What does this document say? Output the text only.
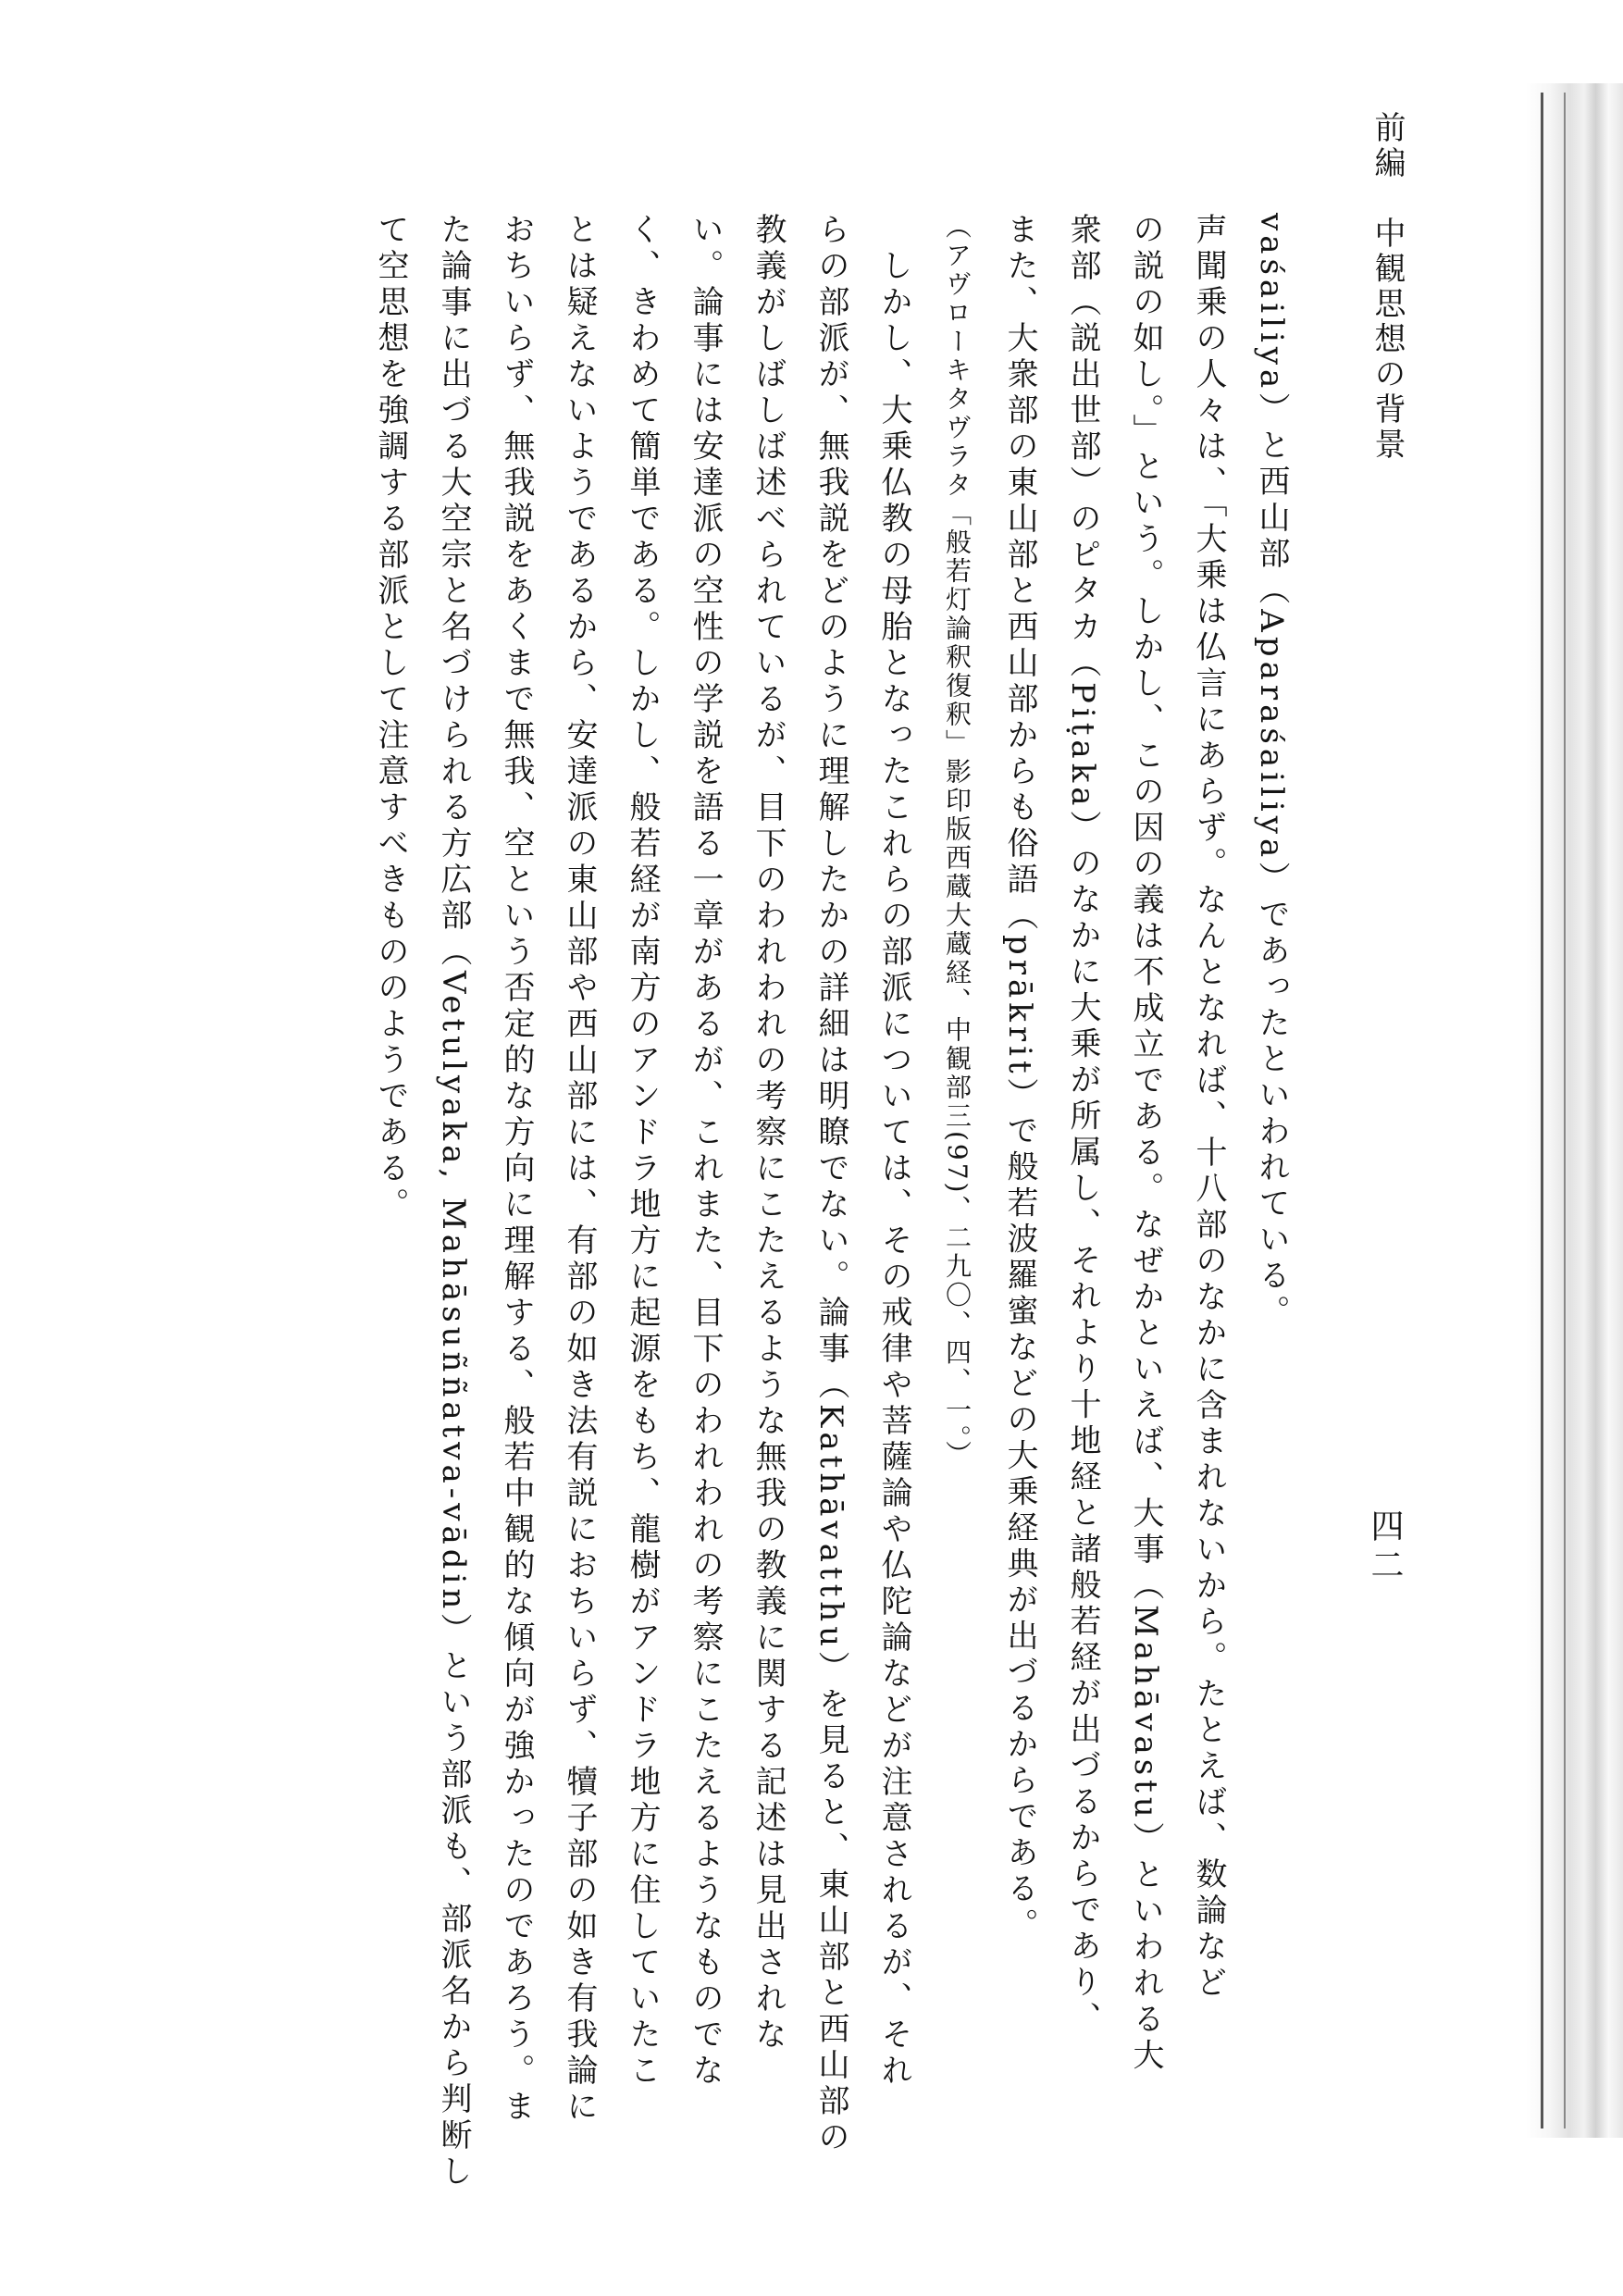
前編　中観思想の背景
四二
vaśailiya）と西山部（Aparaśailiya）であったといわれている。
声聞乗の人々は、「大乗は仏言にあらず。なんとなれば、十八部のなかに含まれないから。たとえば、数論など
の説の如し。」という。しかし、この因の義は不成立である。なぜかといえば、大事（Mahāvastu）といわれる大
衆部（説出世部）のピタカ（Piṭaka）のなかに大乗が所属し、それより十地経と諸般若経が出づるからであり、
また、大衆部の東山部と西山部からも俗語（prākrit）で般若波羅蜜などの大乗経典が出づるからである。
（アヴローキタヴラタ「般若灯論釈復釈」影印版西蔵大蔵経、中観部三(97)、二九〇、四、一。）
　しかし、大乗仏教の母胎となったこれらの部派については、その戒律や菩薩論や仏陀論などが注意されるが、それ
らの部派が、無我説をどのように理解したかの詳細は明瞭でない。論事（Kathāvatthu）を見ると、東山部と西山部の
教義がしばしば述べられているが、目下のわれわれの考察にこたえるような無我の教義に関する記述は見出されな
い。論事には安達派の空性の学説を語る一章があるが、これまた、目下のわれわれの考察にこたえるようなものでな
く、きわめて簡単である。しかし、般若経が南方のアンドラ地方に起源をもち、龍樹がアンドラ地方に住していたこ
とは疑えないようであるから、安達派の東山部や西山部には、有部の如き法有説におちいらず、犢子部の如き有我論に
おちいらず、無我説をあくまで無我、空という否定的な方向に理解する、般若中観的な傾向が強かったのであろう。ま
た論事に出づる大空宗と名づけられる方広部（Vetulyaka, Mahāsuññatva-vādin）という部派も、部派名から判断し
て空思想を強調する部派として注意すべきもののようである。
